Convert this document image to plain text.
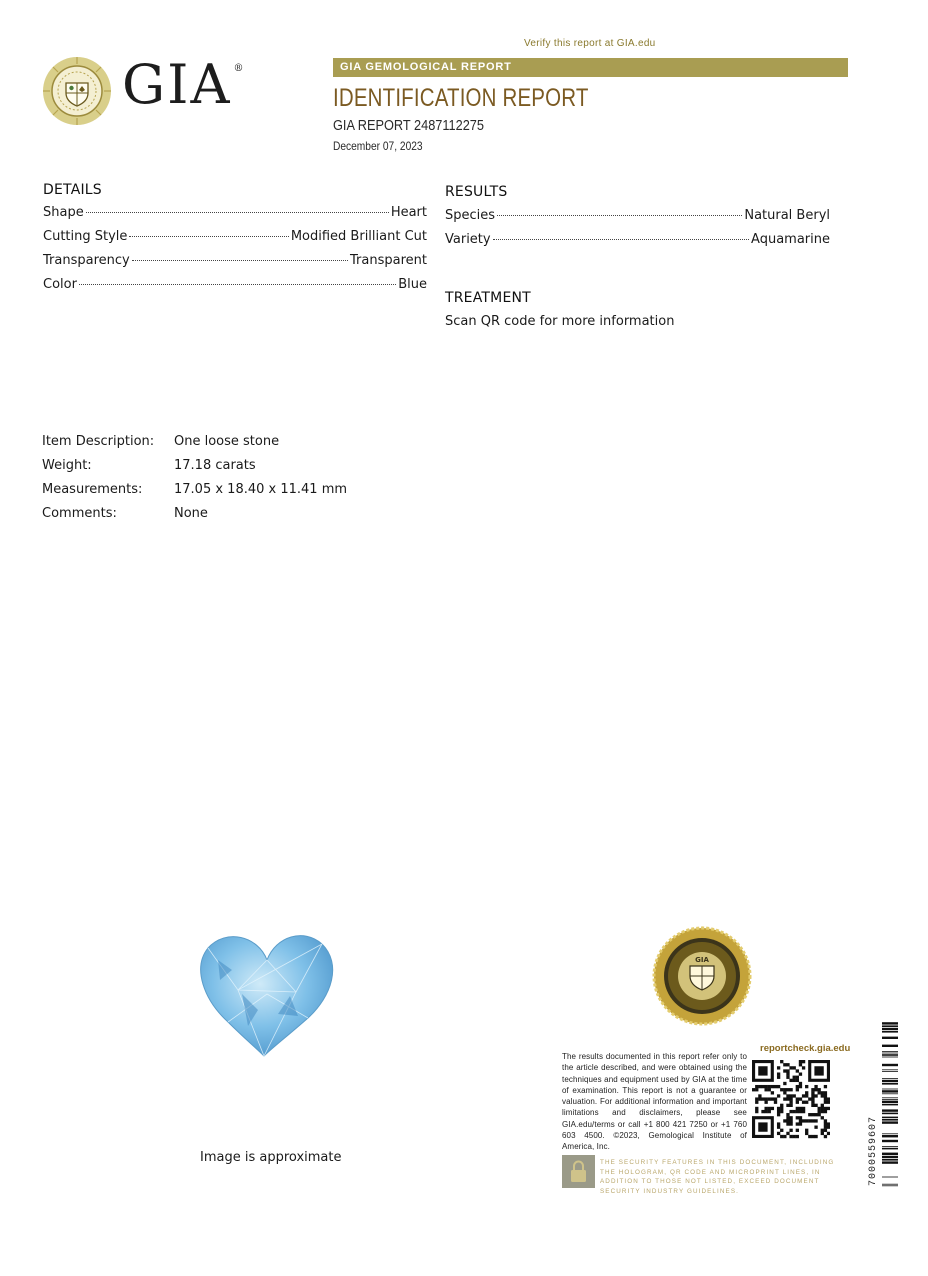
GIA ®
Verify this report at GIA.edu
GIA GEMOLOGICAL REPORT
IDENTIFICATION REPORT
GIA REPORT 2487112275
December 07, 2023
DETAILS
Shape	Heart
Cutting Style	Modified Brilliant Cut
Transparency	Transparent
Color	Blue
RESULTS
Species	Natural Beryl
Variety	Aquamarine
TREATMENT
Scan QR code for more information
Item Description:	One loose stone
Weight:	17.18 carats
Measurements:	17.05 x 18.40 x 11.41 mm
Comments:	None
Image is approximate
GIA
reportcheck.gia.edu
The results documented in this report refer only to the article described, and were obtained using the techniques and equipment used by GIA at the time of examination. This report is not a guarantee or valuation. For additional information and important limitations and disclaimers, please see GIA.edu/terms or call +1 800 421 7250 or +1 760 603 4500. ©2023, Gemological Institute of America, Inc.
THE SECURITY FEATURES IN THIS DOCUMENT, INCLUDING THE HOLOGRAM, QR CODE AND MICROPRINT LINES, IN ADDITION TO THOSE NOT LISTED, EXCEED DOCUMENT SECURITY INDUSTRY GUIDELINES.
7000559607
